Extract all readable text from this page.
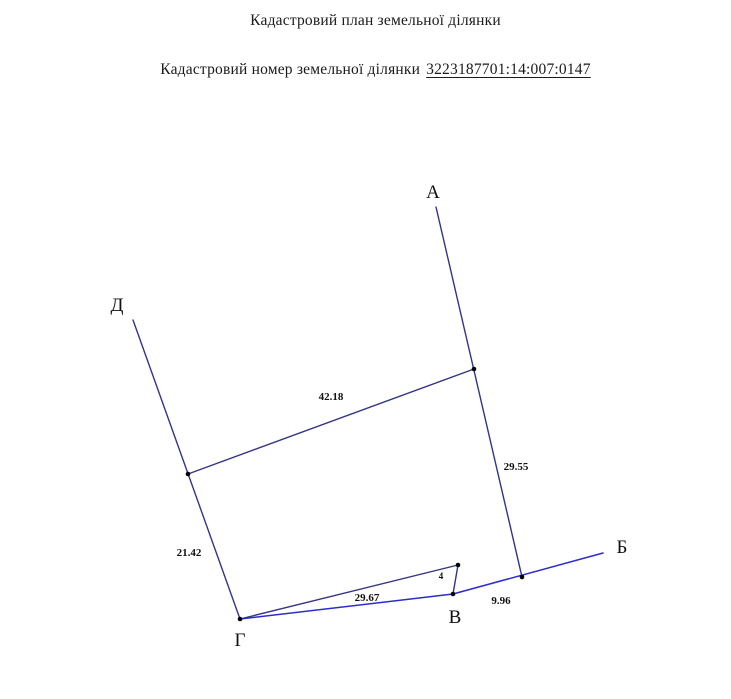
Кадастровий план земельної ділянки
Кадастровий номер земельної ділянки 3223187701:14:007:0147
42.18
29.55
21.42
29.67	9.96
4
А
Б
В
Г
Д
